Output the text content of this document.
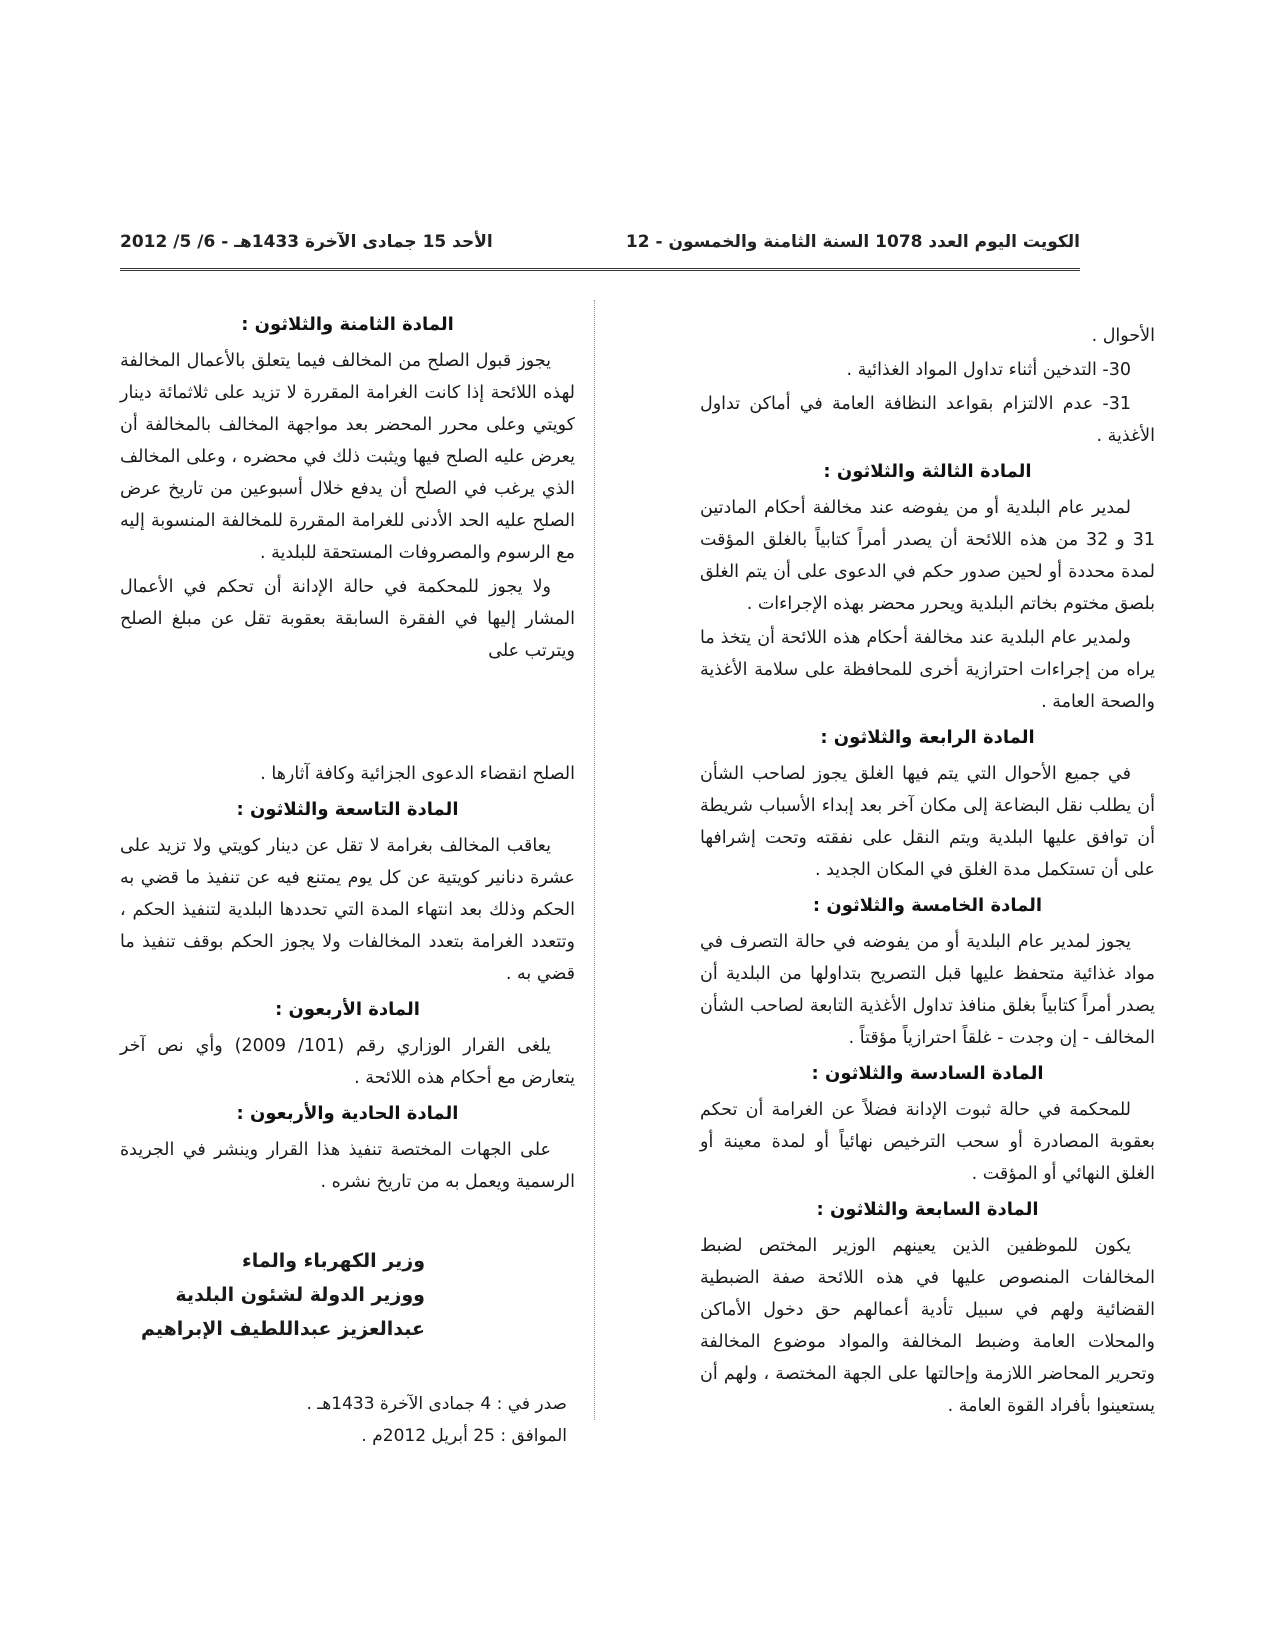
الكويت اليوم العدد 1078 السنة الثامنة والخمسون - 12
الأحد 15 جمادى الآخرة 1433هـ - 6/ 5/ 2012

الأحوال .

30- التدخين أثناء تداول المواد الغذائية .

31- عدم الالتزام بقواعد النظافة العامة في أماكن تداول الأغذية .

المادة الثالثة والثلاثون :

لمدير عام البلدية أو من يفوضه عند مخالفة أحكام المادتين 31 و 32 من هذه اللائحة أن يصدر أمراً كتابياً بالغلق المؤقت لمدة محددة أو لحين صدور حكم في الدعوى على أن يتم الغلق بلصق مختوم بخاتم البلدية ويحرر محضر بهذه الإجراءات .

ولمدير عام البلدية عند مخالفة أحكام هذه اللائحة أن يتخذ ما يراه من إجراءات احترازية أخرى للمحافظة على سلامة الأغذية والصحة العامة .

المادة الرابعة والثلاثون :

في جميع الأحوال التي يتم فيها الغلق يجوز لصاحب الشأن أن يطلب نقل البضاعة إلى مكان آخر بعد إبداء الأسباب شريطة أن توافق عليها البلدية ويتم النقل على نفقته وتحت إشرافها على أن تستكمل مدة الغلق في المكان الجديد .

المادة الخامسة والثلاثون :

يجوز لمدير عام البلدية أو من يفوضه في حالة التصرف في مواد غذائية متحفظ عليها قبل التصريح بتداولها من البلدية أن يصدر أمراً كتابياً بغلق منافذ تداول الأغذية التابعة لصاحب الشأن المخالف - إن وجدت - غلقاً احترازياً مؤقتاً .

المادة السادسة والثلاثون :

للمحكمة في حالة ثبوت الإدانة فضلاً عن الغرامة أن تحكم بعقوبة المصادرة أو سحب الترخيص نهائياً أو لمدة معينة أو الغلق النهائي أو المؤقت .

المادة السابعة والثلاثون :

يكون للموظفين الذين يعينهم الوزير المختص لضبط المخالفات المنصوص عليها في هذه اللائحة صفة الضبطية القضائية ولهم في سبيل تأدية أعمالهم حق دخول الأماكن والمحلات العامة وضبط المخالفة والمواد موضوع المخالفة وتحرير المحاضر اللازمة وإحالتها على الجهة المختصة ، ولهم أن يستعينوا بأفراد القوة العامة .

المادة الثامنة والثلاثون :

يجوز قبول الصلح من المخالف فيما يتعلق بالأعمال المخالفة لهذه اللائحة إذا كانت الغرامة المقررة لا تزيد على ثلاثمائة دينار كويتي وعلى محرر المحضر بعد مواجهة المخالف بالمخالفة أن يعرض عليه الصلح فيها ويثبت ذلك في محضره ، وعلى المخالف الذي يرغب في الصلح أن يدفع خلال أسبوعين من تاريخ عرض الصلح عليه الحد الأدنى للغرامة المقررة للمخالفة المنسوبة إليه مع الرسوم والمصروفات المستحقة للبلدية .

ولا يجوز للمحكمة في حالة الإدانة أن تحكم في الأعمال المشار إليها في الفقرة السابقة بعقوبة تقل عن مبلغ الصلح ويترتب على

الصلح انقضاء الدعوى الجزائية وكافة آثارها .

المادة التاسعة والثلاثون :

يعاقب المخالف بغرامة لا تقل عن دينار كويتي ولا تزيد على عشرة دنانير كويتية عن كل يوم يمتنع فيه عن تنفيذ ما قضي به الحكم وذلك بعد انتهاء المدة التي تحددها البلدية لتنفيذ الحكم ، وتتعدد الغرامة بتعدد المخالفات ولا يجوز الحكم بوقف تنفيذ ما قضي به .

المادة الأربعون :

يلغى القرار الوزاري رقم (101/ 2009) وأي نص آخر يتعارض مع أحكام هذه اللائحة .

المادة الحادية والأربعون :

على الجهات المختصة تنفيذ هذا القرار وينشر في الجريدة الرسمية ويعمل به من تاريخ نشره .

وزير الكهرباء والماء
ووزير الدولة لشئون البلدية
عبدالعزيز عبداللطيف الإبراهيم
صدر في : 4 جمادى الآخرة 1433هـ .
الموافق : 25 أبريل 2012م .
